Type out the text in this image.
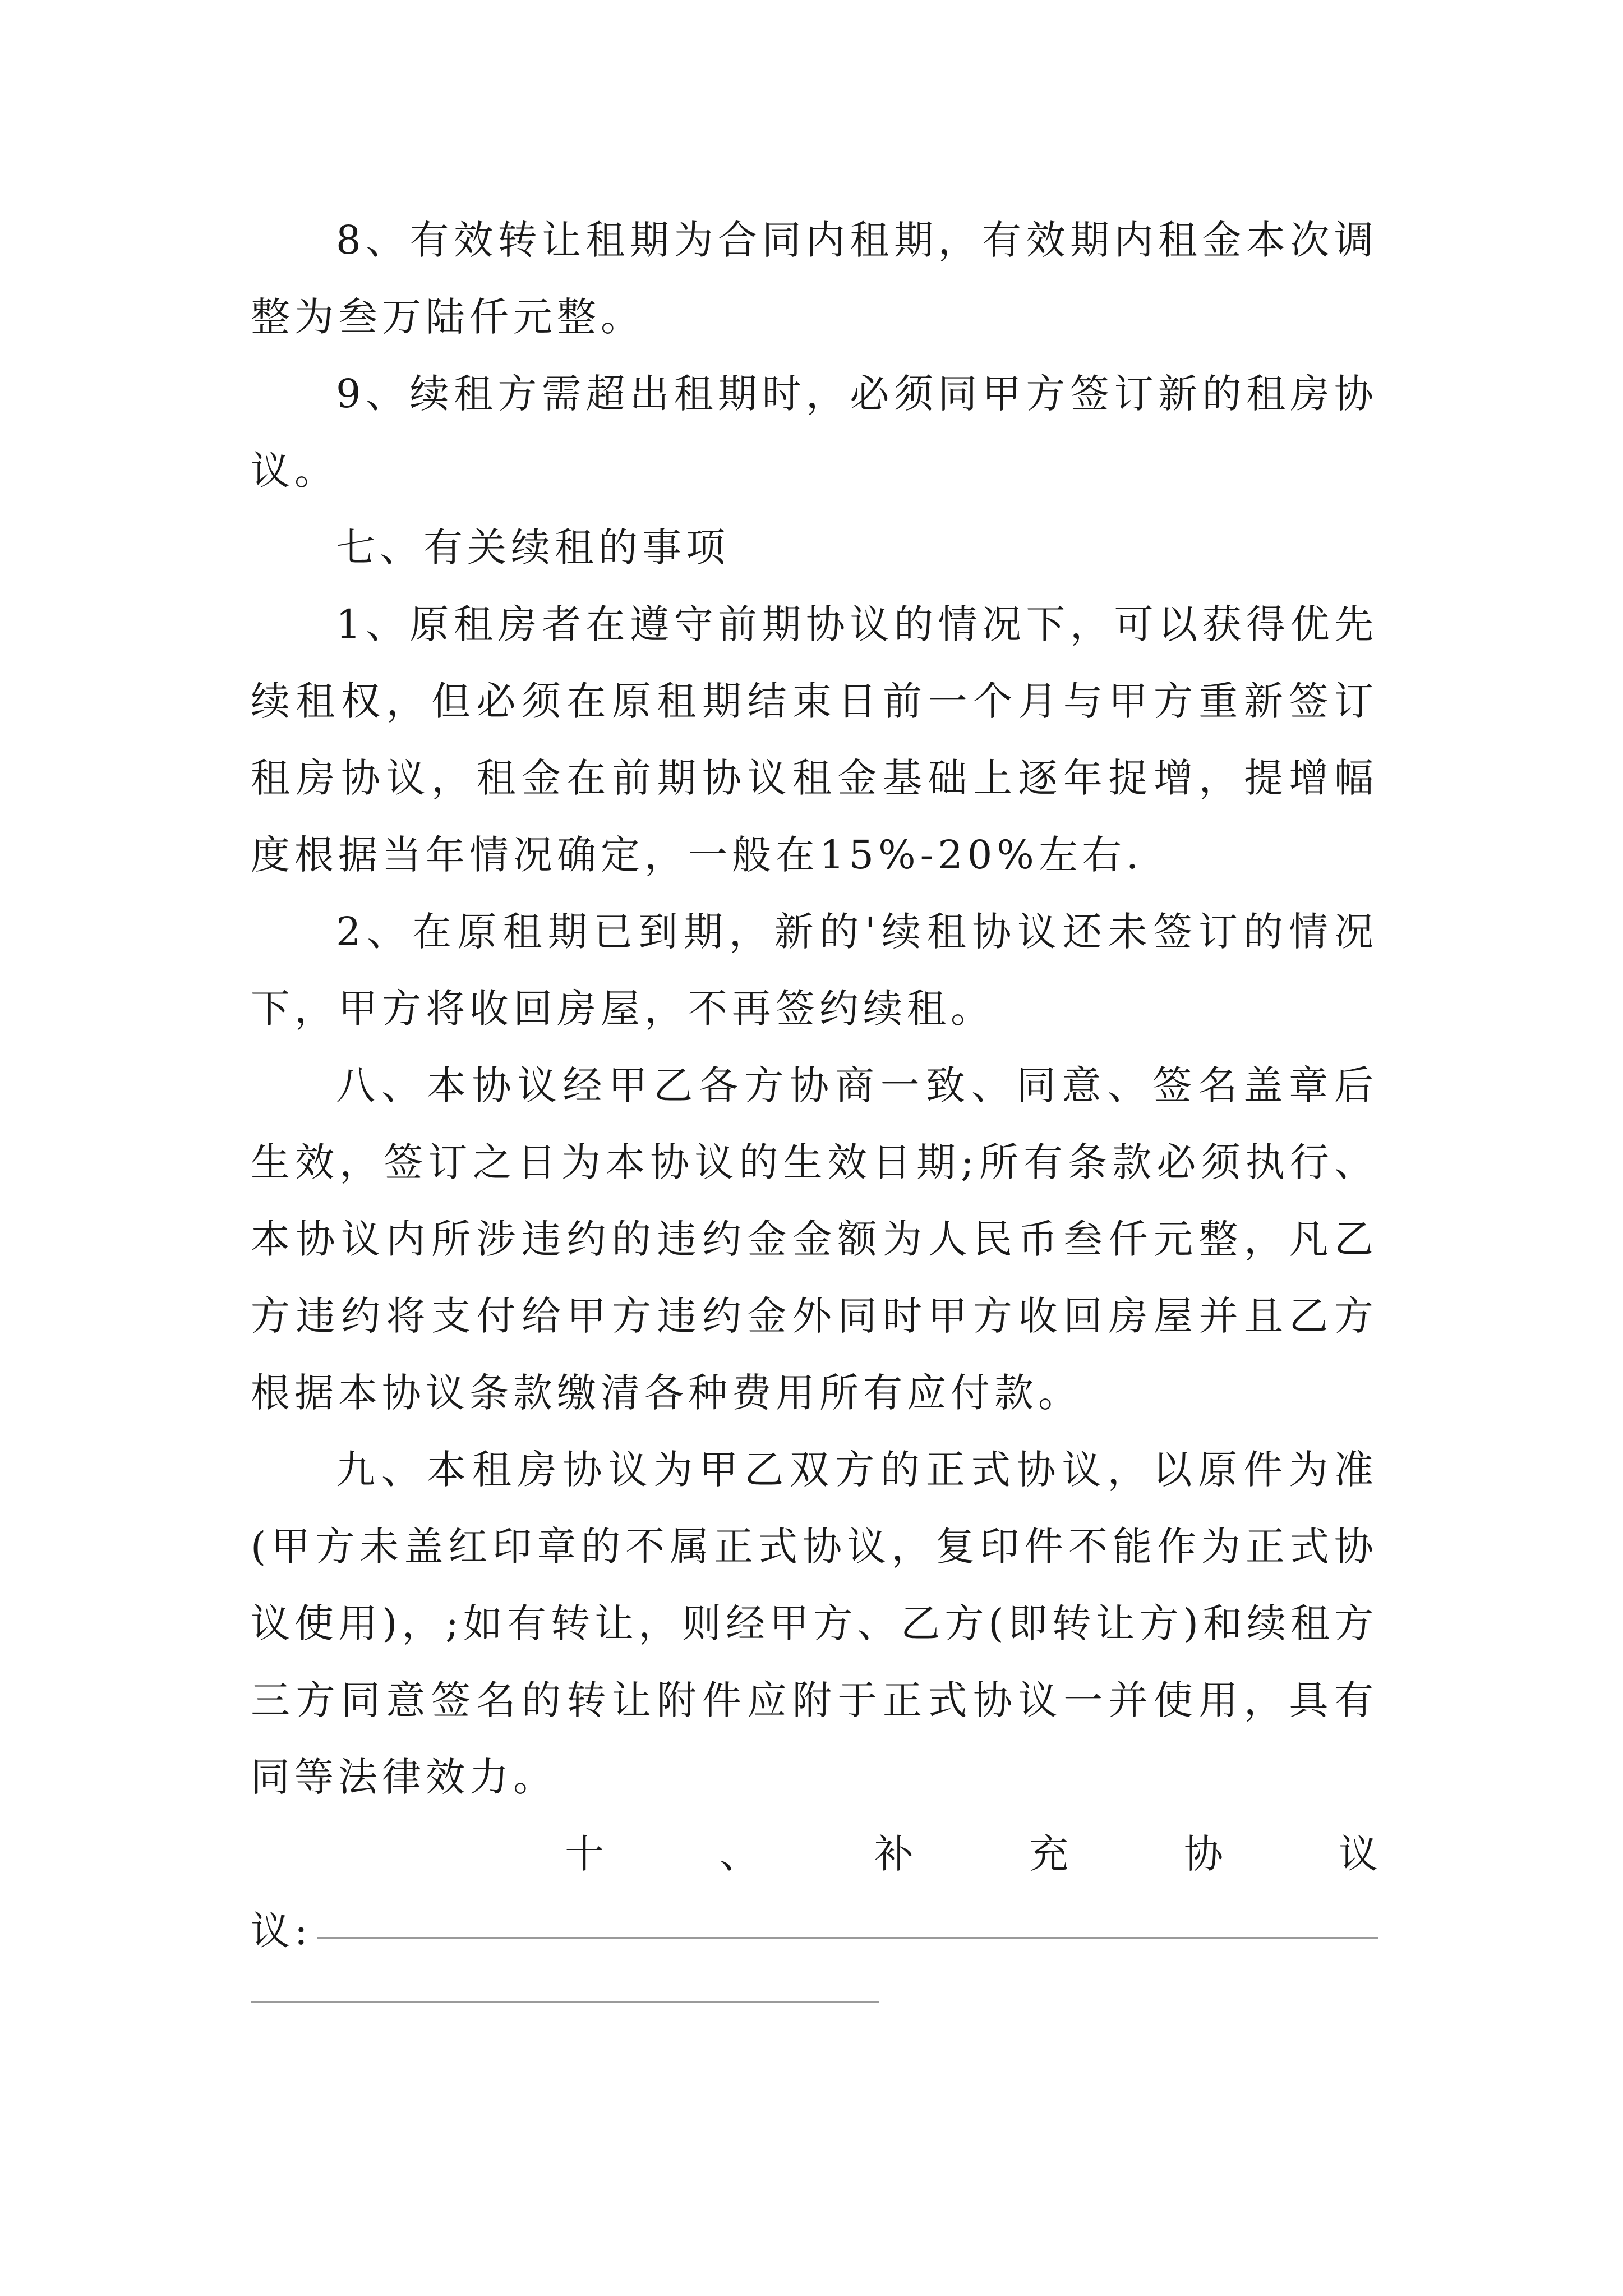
8、有效转让租期为合同内租期，有效期内租金本次调整为叁万陆仟元整。

9、续租方需超出租期时，必须同甲方签订新的租房协议。

七、有关续租的事项

1、原租房者在遵守前期协议的情况下，可以获得优先续租权，但必须在原租期结束日前一个月与甲方重新签订租房协议，租金在前期协议租金基础上逐年捉增，提增幅度根据当年情况确定，一般在15%-20%左右.

2、在原租期已到期，新的'续租协议还未签订的情况下，甲方将收回房屋，不再签约续租。

八、本协议经甲乙各方协商一致、同意、签名盖章后生效，签订之日为本协议的生效日期;所有条款必须执行、本协议内所涉违约的违约金金额为人民币叁仟元整，凡乙方违约将支付给甲方违约金外同时甲方收回房屋并且乙方根据本协议条款缴清各种费用所有应付款。

九、本租房协议为甲乙双方的正式协议，以原件为准(甲方未盖红印章的不属正式协议，复印件不能作为正式协议使用)，;如有转让，则经甲方、乙方(即转让方)和续租方三方同意签名的转让附件应附于正式协议一并使用，具有同等法律效力。

十	、	补	充	协	议
议:
